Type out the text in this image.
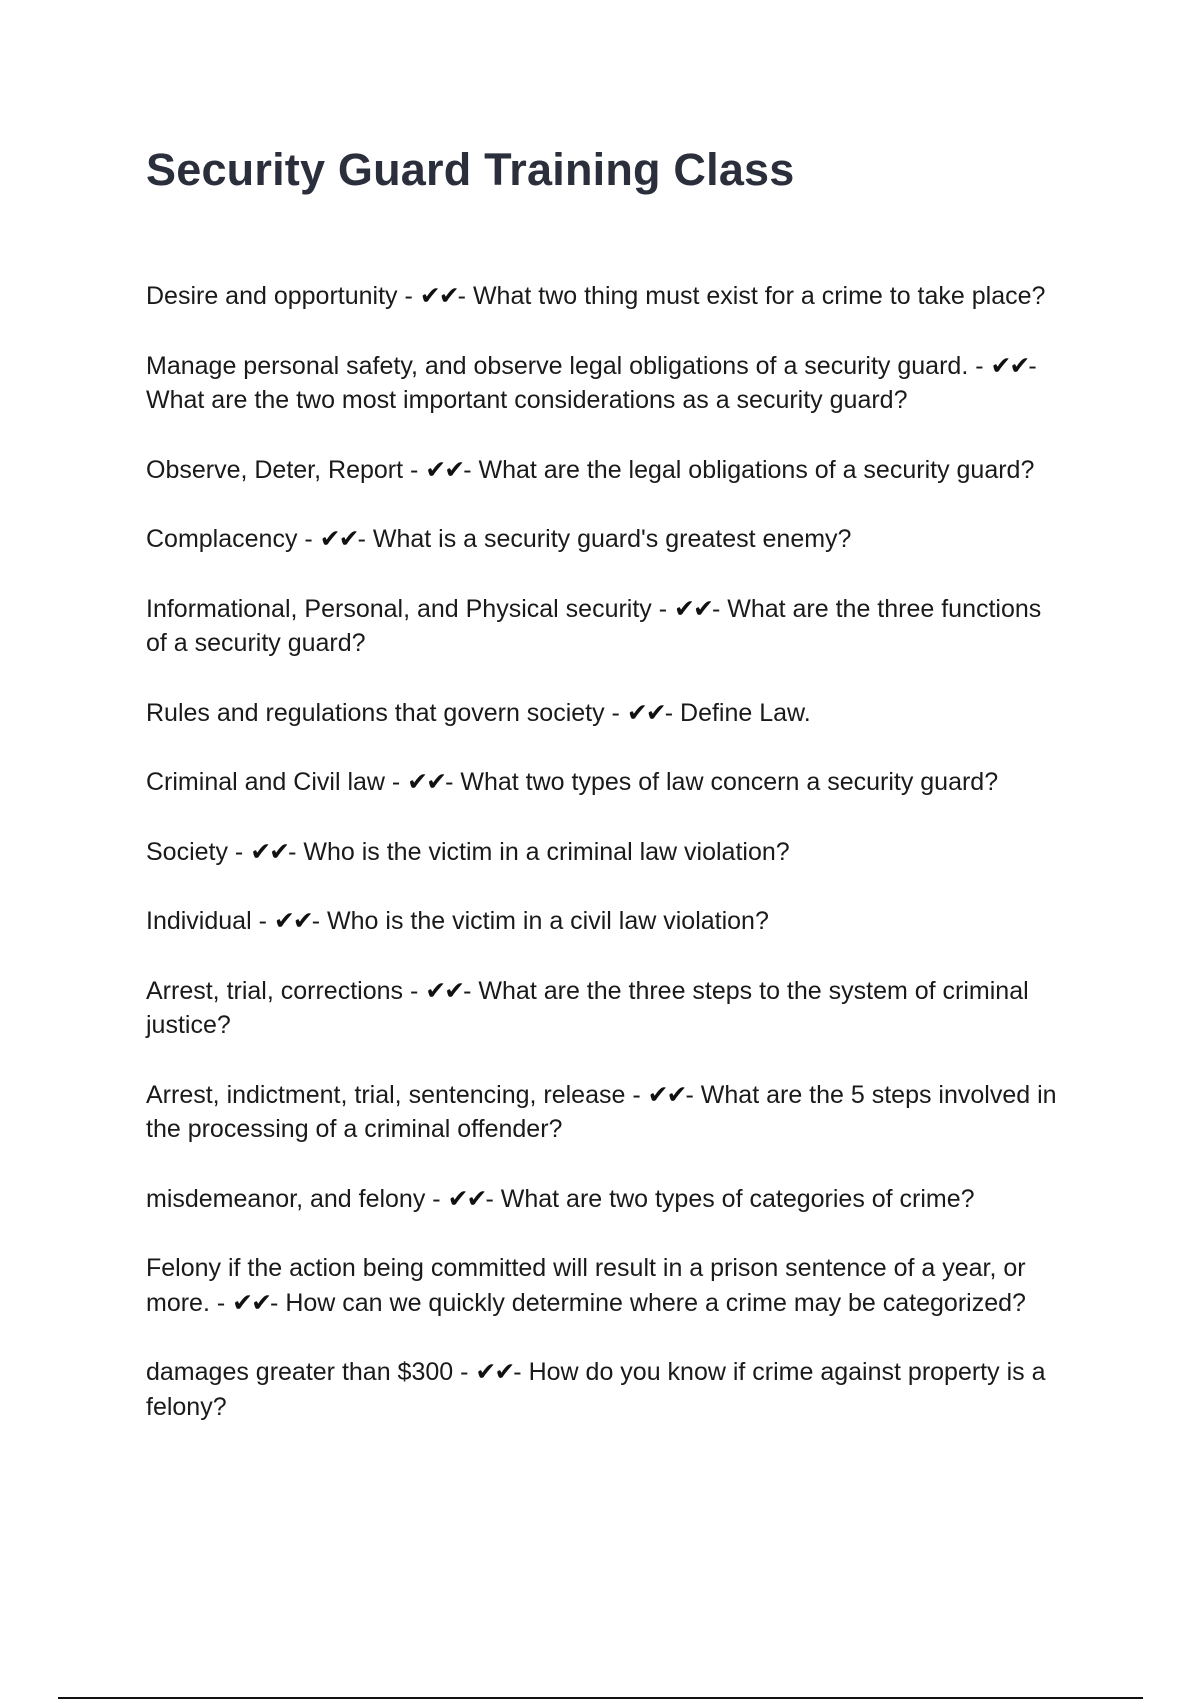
Security Guard Training Class
Desire and opportunity - ✔✔- What two thing must exist for a crime to take place?
Manage personal safety, and observe legal obligations of a security guard. - ✔✔- What are the two most important considerations as a security guard?
Observe, Deter, Report - ✔✔- What are the legal obligations of a security guard?
Complacency - ✔✔- What is a security guard's greatest enemy?
Informational, Personal, and Physical security - ✔✔- What are the three functions of a security guard?
Rules and regulations that govern society - ✔✔- Define Law.
Criminal and Civil law - ✔✔- What two types of law concern a security guard?
Society - ✔✔- Who is the victim in a criminal law violation?
Individual - ✔✔- Who is the victim in a civil law violation?
Arrest, trial, corrections - ✔✔- What are the three steps to the system of criminal justice?
Arrest, indictment, trial, sentencing, release - ✔✔- What are the 5 steps involved in the processing of a criminal offender?
misdemeanor, and felony - ✔✔- What are two types of categories of crime?
Felony if the action being committed will result in a prison sentence of a year, or more. - ✔✔- How can we quickly determine where a crime may be categorized?
damages greater than $300 - ✔✔- How do you know if crime against property is a felony?
